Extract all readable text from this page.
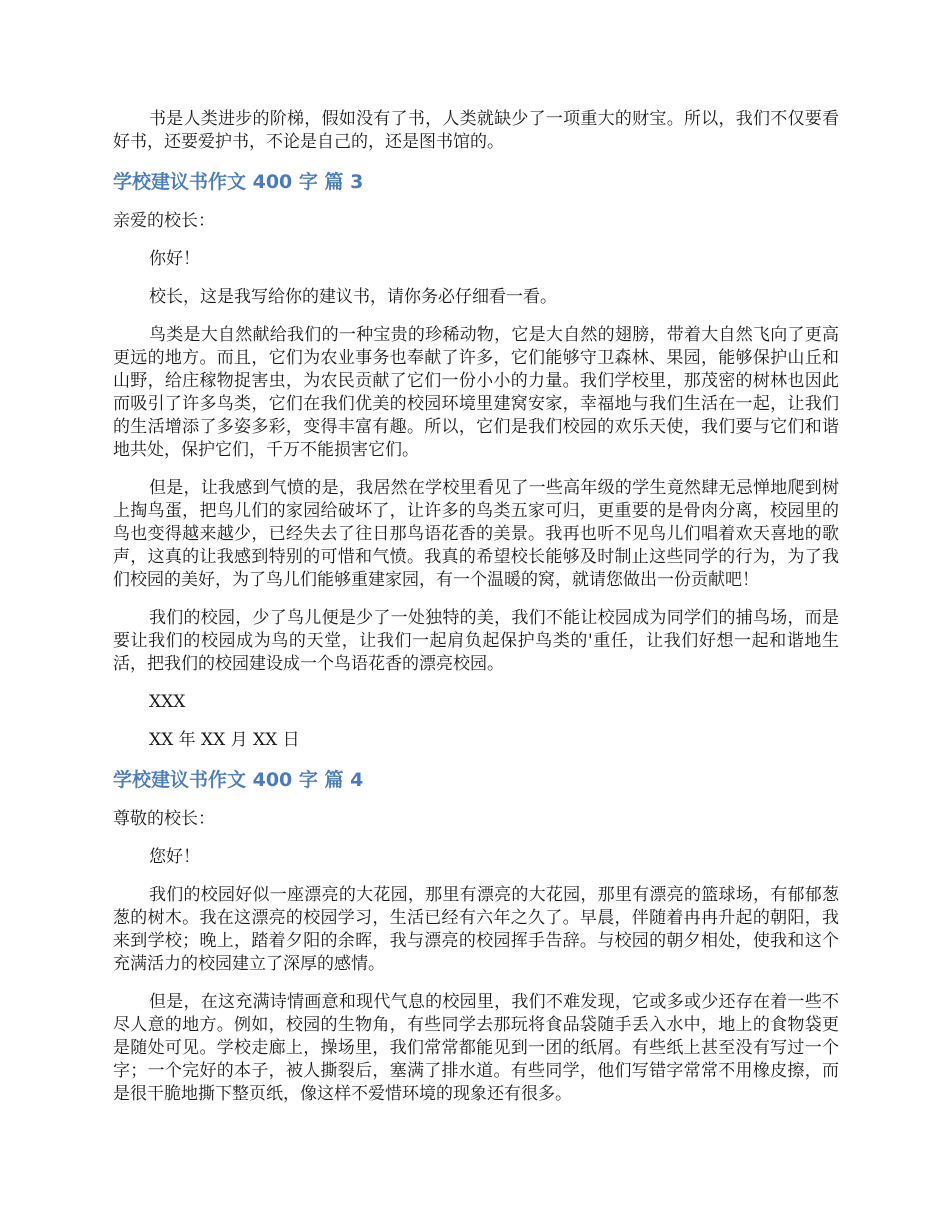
书是人类进步的阶梯，假如没有了书，人类就缺少了一项重大的财宝。所以，我们不仅要看好书，还要爱护书，不论是自己的，还是图书馆的。

学校建议书作文 400 字 篇 3

亲爱的校长：

你好！

校长，这是我写给你的建议书，请你务必仔细看一看。

鸟类是大自然献给我们的一种宝贵的珍稀动物，它是大自然的翅膀，带着大自然飞向了更高更远的地方。而且，它们为农业事务也奉献了许多，它们能够守卫森林、果园，能够保护山丘和山野，给庄稼物捉害虫，为农民贡献了它们一份小小的力量。我们学校里，那茂密的树林也因此而吸引了许多鸟类，它们在我们优美的校园环境里建窝安家，幸福地与我们生活在一起，让我们的生活增添了多姿多彩，变得丰富有趣。所以，它们是我们校园的欢乐天使，我们要与它们和谐地共处，保护它们，千万不能损害它们。

但是，让我感到气愤的是，我居然在学校里看见了一些高年级的学生竟然肆无忌惮地爬到树上掏鸟蛋，把鸟儿们的家园给破坏了，让许多的鸟类五家可归，更重要的是骨肉分离，校园里的鸟也变得越来越少，已经失去了往日那鸟语花香的美景。我再也听不见鸟儿们唱着欢天喜地的歌声，这真的让我感到特别的可惜和气愤。我真的希望校长能够及时制止这些同学的行为，为了我们校园的美好，为了鸟儿们能够重建家园，有一个温暖的窝，就请您做出一份贡献吧！

我们的校园，少了鸟儿便是少了一处独特的美，我们不能让校园成为同学们的捕鸟场，而是要让我们的校园成为鸟的天堂，让我们一起肩负起保护鸟类的'重任，让我们好想一起和谐地生活，把我们的校园建设成一个鸟语花香的漂亮校园。

XXX

XX 年 XX 月 XX 日

学校建议书作文 400 字 篇 4

尊敬的校长：

您好！

我们的校园好似一座漂亮的大花园，那里有漂亮的大花园，那里有漂亮的篮球场，有郁郁葱葱的树木。我在这漂亮的校园学习，生活已经有六年之久了。早晨，伴随着冉冉升起的朝阳，我来到学校；晚上，踏着夕阳的余晖，我与漂亮的校园挥手告辞。与校园的朝夕相处，使我和这个充满活力的校园建立了深厚的感情。

但是，在这充满诗情画意和现代气息的校园里，我们不难发现，它或多或少还存在着一些不尽人意的地方。例如，校园的生物角，有些同学去那玩将食品袋随手丢入水中，地上的食物袋更是随处可见。学校走廊上，操场里，我们常常都能见到一团的纸屑。有些纸上甚至没有写过一个字；一个完好的本子，被人撕裂后，塞满了排水道。有些同学，他们写错字常常不用橡皮擦，而是很干脆地撕下整页纸，像这样不爱惜环境的现象还有很多。
